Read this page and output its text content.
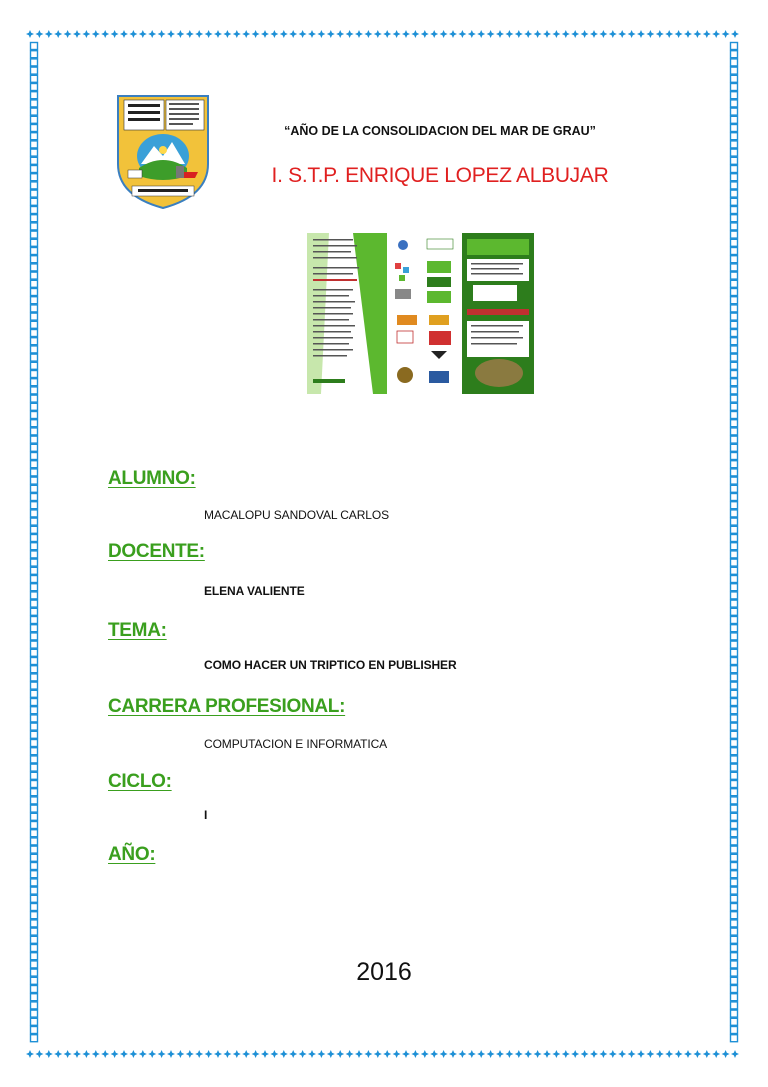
“AÑO DE LA CONSOLIDACION DEL MAR DE GRAU”
I. S.T.P. ENRIQUE LOPEZ ALBUJAR
ALUMNO:
MACALOPU SANDOVAL CARLOS
DOCENTE:
ELENA VALIENTE
TEMA:
COMO HACER UN TRIPTICO EN PUBLISHER
CARRERA PROFESIONAL:
COMPUTACION E INFORMATICA
CICLO:
I
AÑO:
2016
